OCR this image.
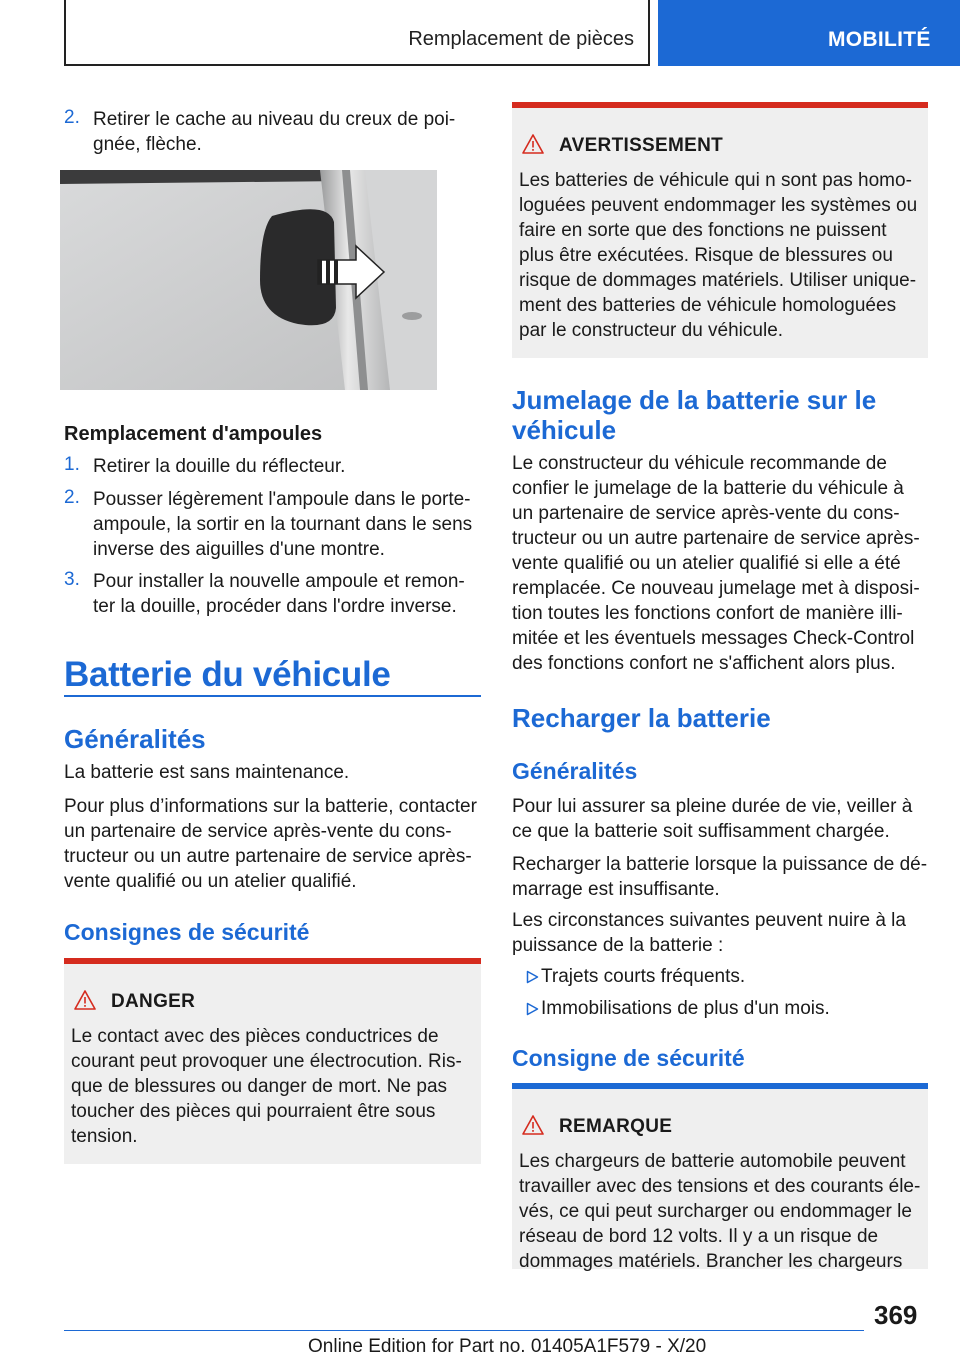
Remplacement de pièces	MOBILITÉ
2. Retirer le cache au niveau du creux de poi‐
gnée, flèche.
Remplacement d'ampoules
1. Retirer la douille du réflecteur.
2. Pousser légèrement l'ampoule dans le porte‐
ampoule, la sortir en la tournant dans le sens
inverse des aiguilles d'une montre.
3. Pour installer la nouvelle ampoule et remon‐
ter la douille, procéder dans l'ordre inverse.
Batterie du véhicule
Généralités
La batterie est sans maintenance.
Pour plus d’informations sur la batterie, contacter
un partenaire de service après‐vente du cons‐
tructeur ou un autre partenaire de service après‐
vente qualifié ou un atelier qualifié.
Consignes de sécurité
DANGER
Le contact avec des pièces conductrices de
courant peut provoquer une électrocution. Ris‐
que de blessures ou danger de mort. Ne pas
toucher des pièces qui pourraient être sous
tension.
AVERTISSEMENT
Les batteries de véhicule qui n sont pas homo‐
loguées peuvent endommager les systèmes ou
faire en sorte que des fonctions ne puissent
plus être exécutées. Risque de blessures ou
risque de dommages matériels. Utiliser unique‐
ment des batteries de véhicule homologuées
par le constructeur du véhicule.
Jumelage de la batterie sur le
véhicule
Le constructeur du véhicule recommande de
confier le jumelage de la batterie du véhicule à
un partenaire de service après‐vente du cons‐
tructeur ou un autre partenaire de service après‐
vente qualifié ou un atelier qualifié si elle a été
remplacée. Ce nouveau jumelage met à disposi‐
tion toutes les fonctions confort de manière illi‐
mitée et les éventuels messages Check-Control
des fonctions confort ne s'affichent alors plus.
Recharger la batterie
Généralités
Pour lui assurer sa pleine durée de vie, veiller à
ce que la batterie soit suffisamment chargée.
Recharger la batterie lorsque la puissance de dé‐
marrage est insuffisante.
Les circonstances suivantes peuvent nuire à la
puissance de la batterie :
Trajets courts fréquents.
Immobilisations de plus d'un mois.
Consigne de sécurité
REMARQUE
Les chargeurs de batterie automobile peuvent
travailler avec des tensions et des courants éle‐
vés, ce qui peut surcharger ou endommager le
réseau de bord 12 volts. Il y a un risque de
dommages matériels. Brancher les chargeurs
369
Online Edition for Part no. 01405A1F579 - X/20
